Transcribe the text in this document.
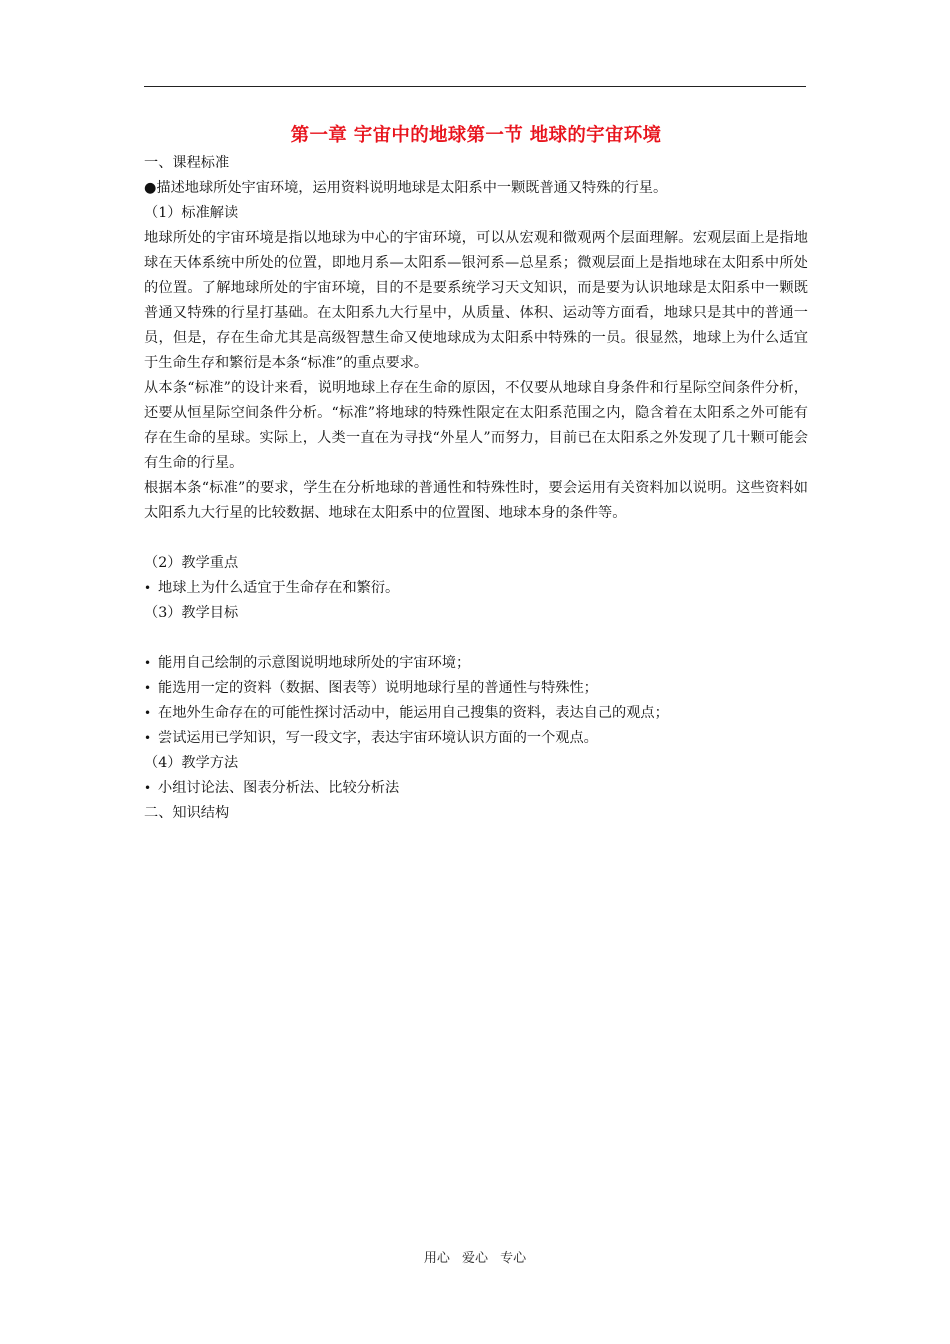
第一章 宇宙中的地球第一节 地球的宇宙环境

一、课程标准

●描述地球所处宇宙环境，运用资料说明地球是太阳系中一颗既普通又特殊的行星。

（1）标准解读

地球所处的宇宙环境是指以地球为中心的宇宙环境，可以从宏观和微观两个层面理解。宏观层面上是指地球在天体系统中所处的位置，即地月系—太阳系—银河系—总星系；微观层面上是指地球在太阳系中所处的位置。了解地球所处的宇宙环境，目的不是要系统学习天文知识，而是要为认识地球是太阳系中一颗既普通又特殊的行星打基础。在太阳系九大行星中，从质量、体积、运动等方面看，地球只是其中的普通一员，但是，存在生命尤其是高级智慧生命又使地球成为太阳系中特殊的一员。很显然，地球上为什么适宜于生命生存和繁衍是本条“标准”的重点要求。

从本条“标准”的设计来看，说明地球上存在生命的原因，不仅要从地球自身条件和行星际空间条件分析，还要从恒星际空间条件分析。“标准”将地球的特殊性限定在太阳系范围之内，隐含着在太阳系之外可能有存在生命的星球。实际上，人类一直在为寻找“外星人”而努力，目前已在太阳系之外发现了几十颗可能会有生命的行星。

根据本条“标准”的要求，学生在分析地球的普通性和特殊性时，要会运用有关资料加以说明。这些资料如太阳系九大行星的比较数据、地球在太阳系中的位置图、地球本身的条件等。

（2）教学重点

• 地球上为什么适宜于生命存在和繁衍。

（3）教学目标

• 能用自己绘制的示意图说明地球所处的宇宙环境；

• 能选用一定的资料（数据、图表等）说明地球行星的普通性与特殊性；

• 在地外生命存在的可能性探讨活动中，能运用自己搜集的资料，表达自己的观点；

• 尝试运用已学知识，写一段文字，表达宇宙环境认识方面的一个观点。

（4）教学方法

• 小组讨论法、图表分析法、比较分析法

二、知识结构

用心 爱心 专心
